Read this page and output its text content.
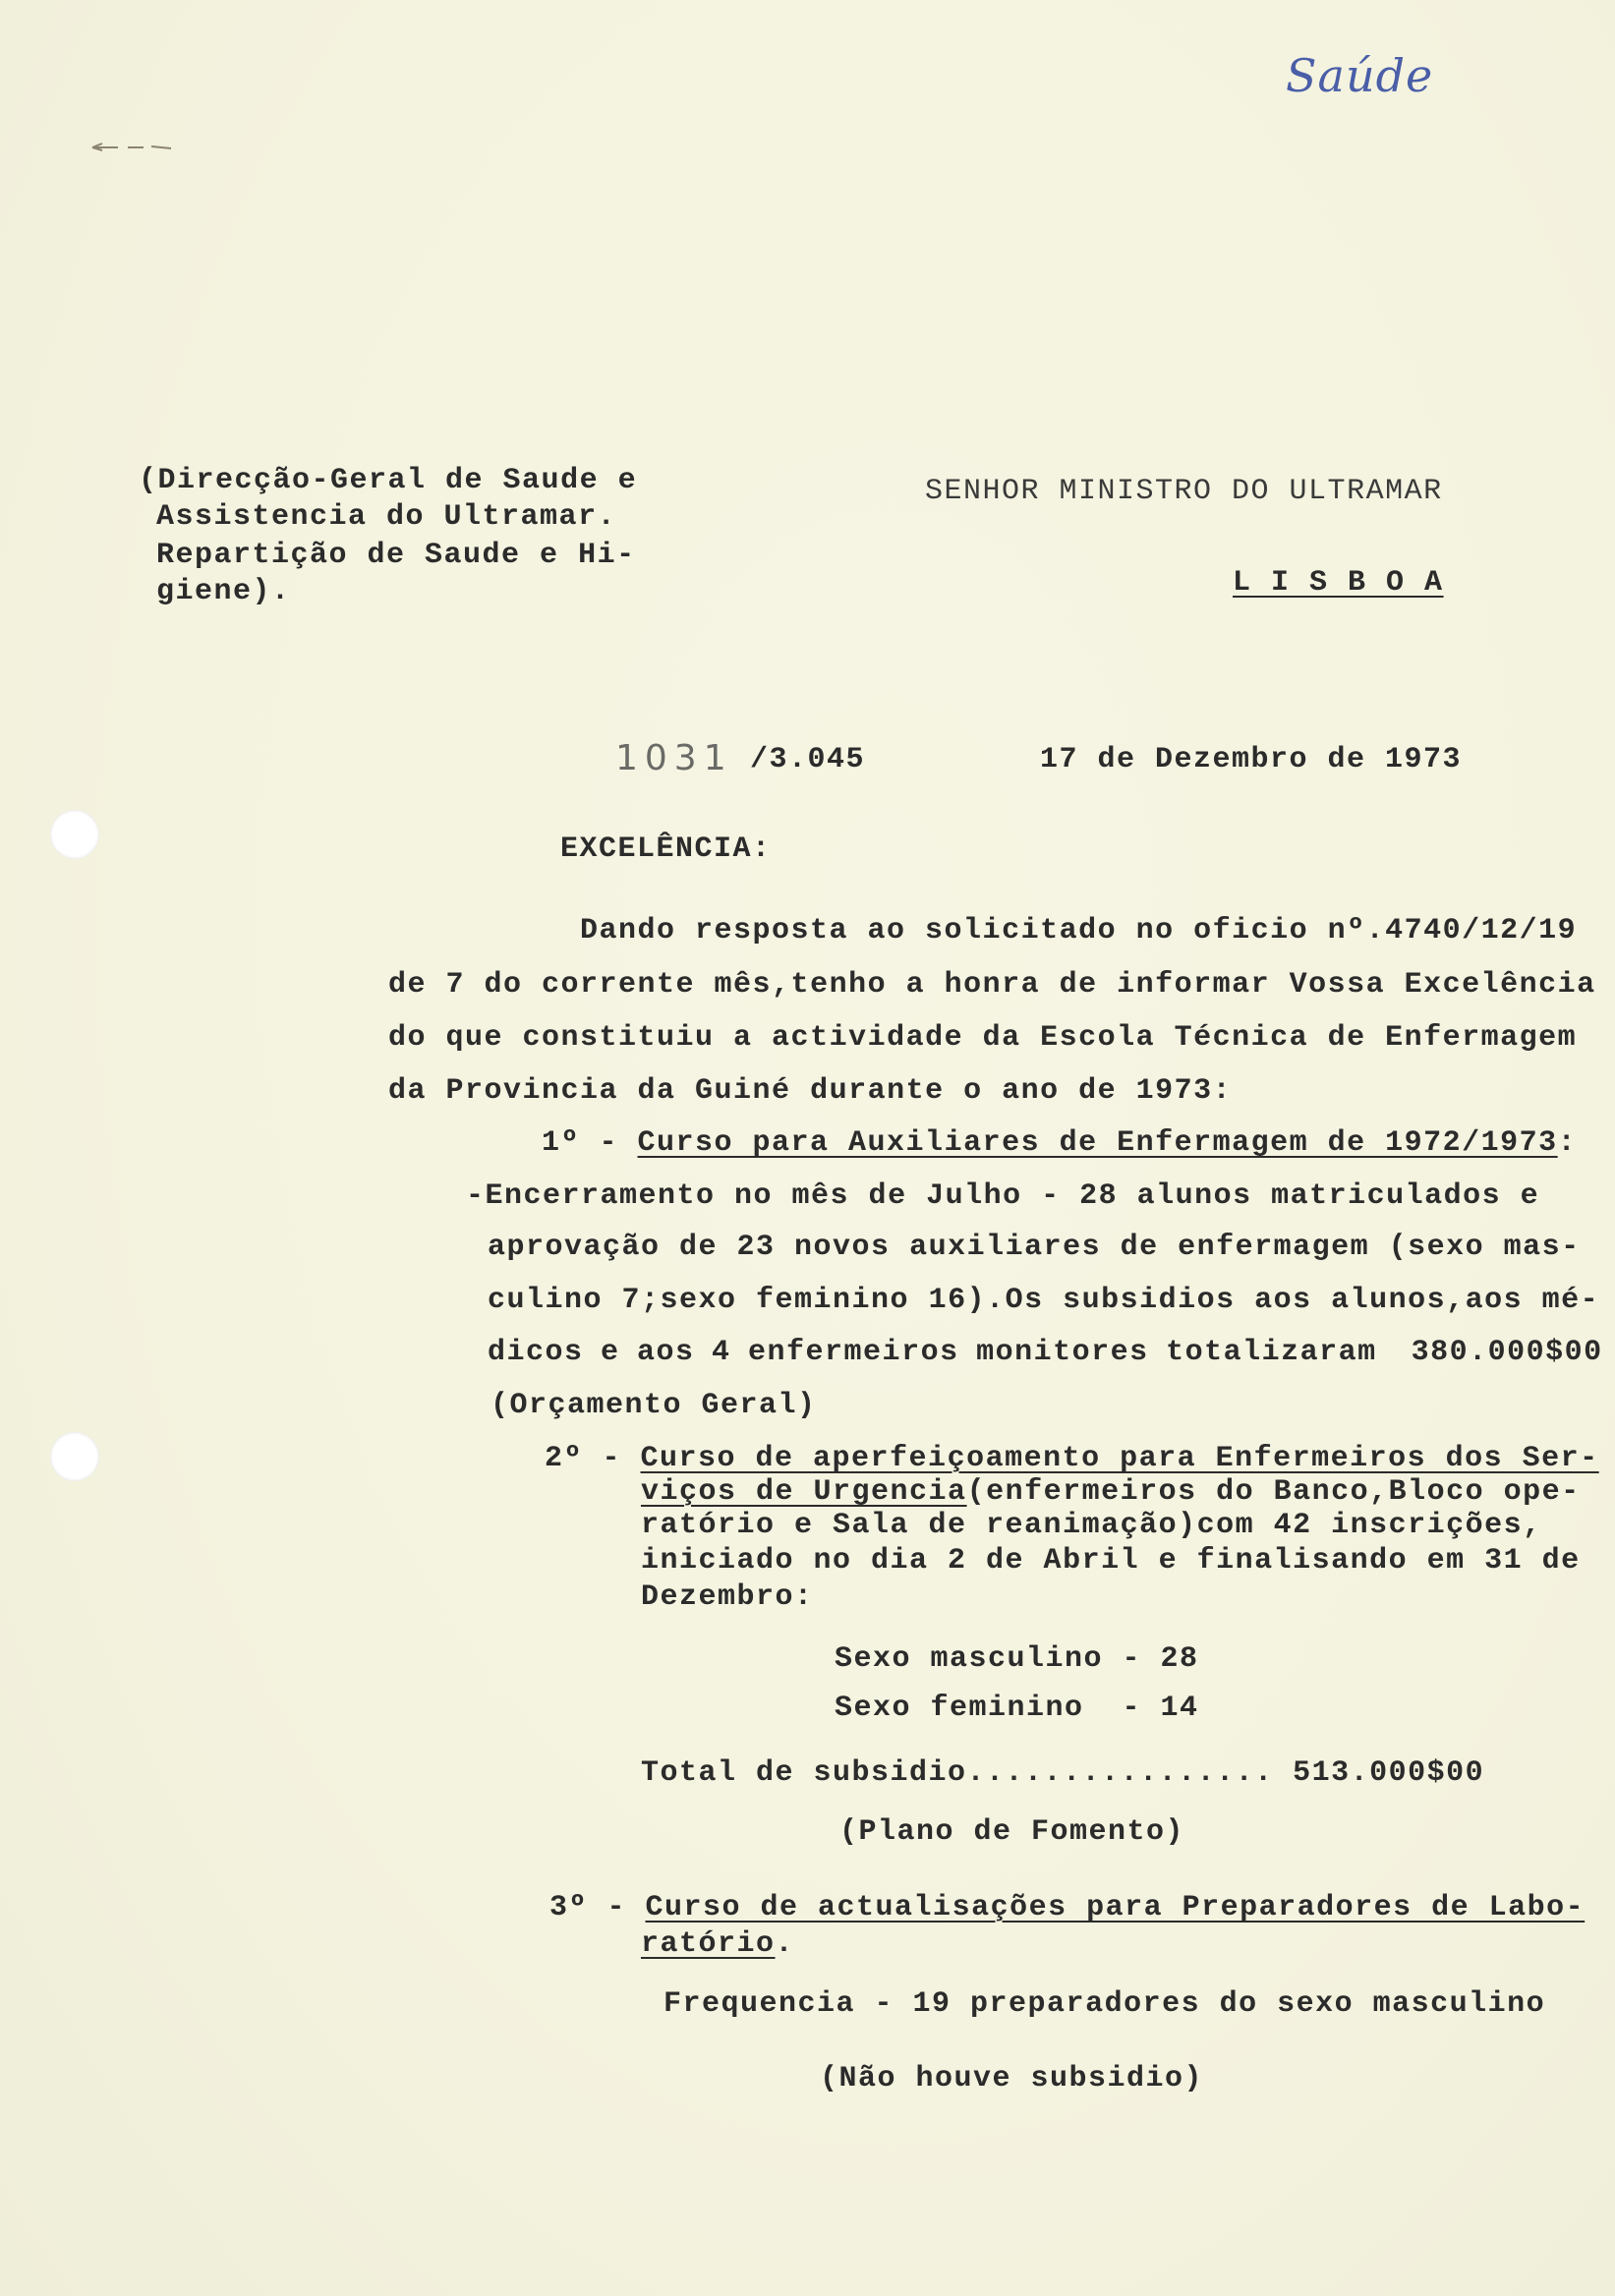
Saúde
(Direcção-Geral de Saude e
Assistencia do Ultramar.
Repartição de Saude e Hi-
giene).
SENHOR MINISTRO DO ULTRAMAR
L I S B O A
1031 /3.045	17 de Dezembro de 1973
EXCELÊNCIA:
Dando resposta ao solicitado no oficio nº.4740/12/19
de 7 do corrente mês,tenho a honra de informar Vossa Excelência
do que constituiu a actividade da Escola Técnica de Enfermagem
da Provincia da Guiné durante o ano de 1973:
1º - Curso para Auxiliares de Enfermagem de 1972/1973:
-Encerramento no mês de Julho - 28 alunos matriculados e
aprovação de 23 novos auxiliares de enfermagem (sexo mas-
culino 7;sexo feminino 16).Os subsidios aos alunos,aos mé-
dicos e aos 4 enfermeiros monitores totalizaram  380.000$00
(Orçamento Geral)
2º - Curso de aperfeiçoamento para Enfermeiros dos Ser-
viços de Urgencia(enfermeiros do Banco,Bloco ope-
ratório e Sala de reanimação)com 42 inscrições,
iniciado no dia 2 de Abril e finalisando em 31 de
Dezembro:
Sexo masculino - 28
Sexo feminino  - 14
Total de subsidio................ 513.000$00
(Plano de Fomento)
3º - Curso de actualisações para Preparadores de Labo-
ratório.
Frequencia - 19 preparadores do sexo masculino
(Não houve subsidio)
